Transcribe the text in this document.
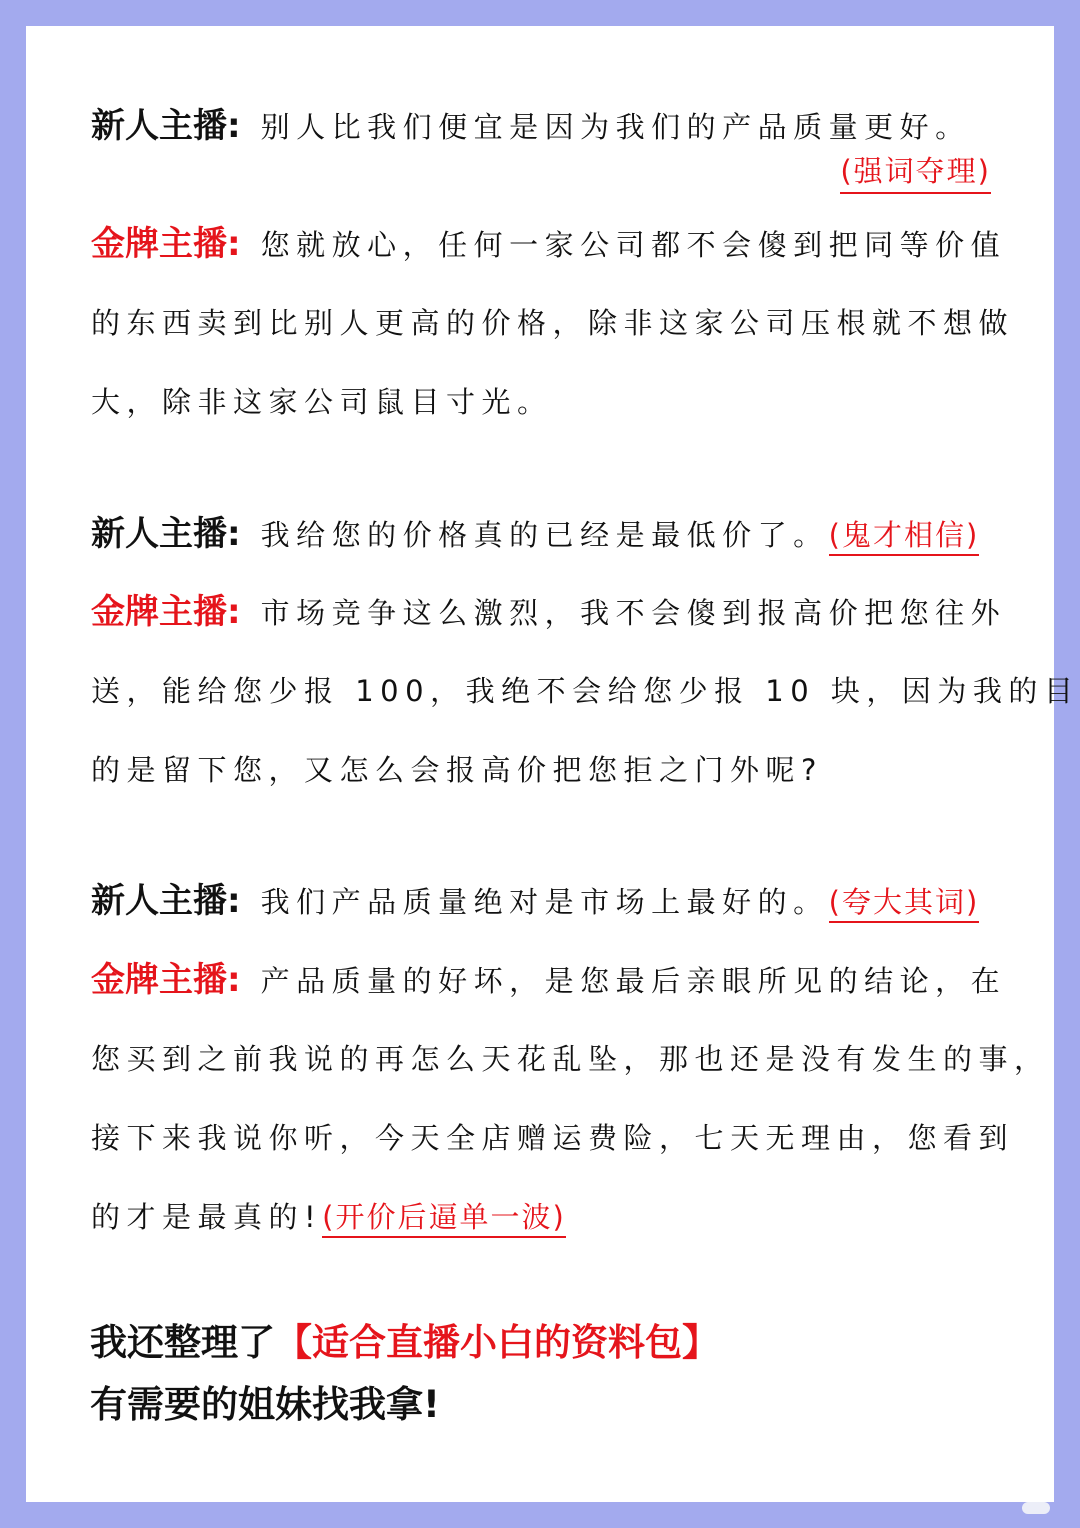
新人主播: 别人比我们便宜是因为我们的产品质量更好。
(强词夺理)
金牌主播: 您就放心，任何一家公司都不会傻到把同等价值
的东西卖到比别人更高的价格，除非这家公司压根就不想做
大，除非这家公司鼠目寸光。
新人主播: 我给您的价格真的已经是最低价了。(鬼才相信)
金牌主播: 市场竞争这么激烈，我不会傻到报高价把您往外
送，能给您少报 100，我绝不会给您少报 10 块，因为我的目
的是留下您，又怎么会报高价把您拒之门外呢?
新人主播: 我们产品质量绝对是市场上最好的。(夸大其词)
金牌主播: 产品质量的好坏，是您最后亲眼所见的结论，在
您买到之前我说的再怎么天花乱坠，那也还是没有发生的事，
接下来我说你听，今天全店赠运费险，七天无理由，您看到
的才是最真的!(开价后逼单一波)
我还整理了【适合直播小白的资料包】
有需要的姐妹找我拿!
